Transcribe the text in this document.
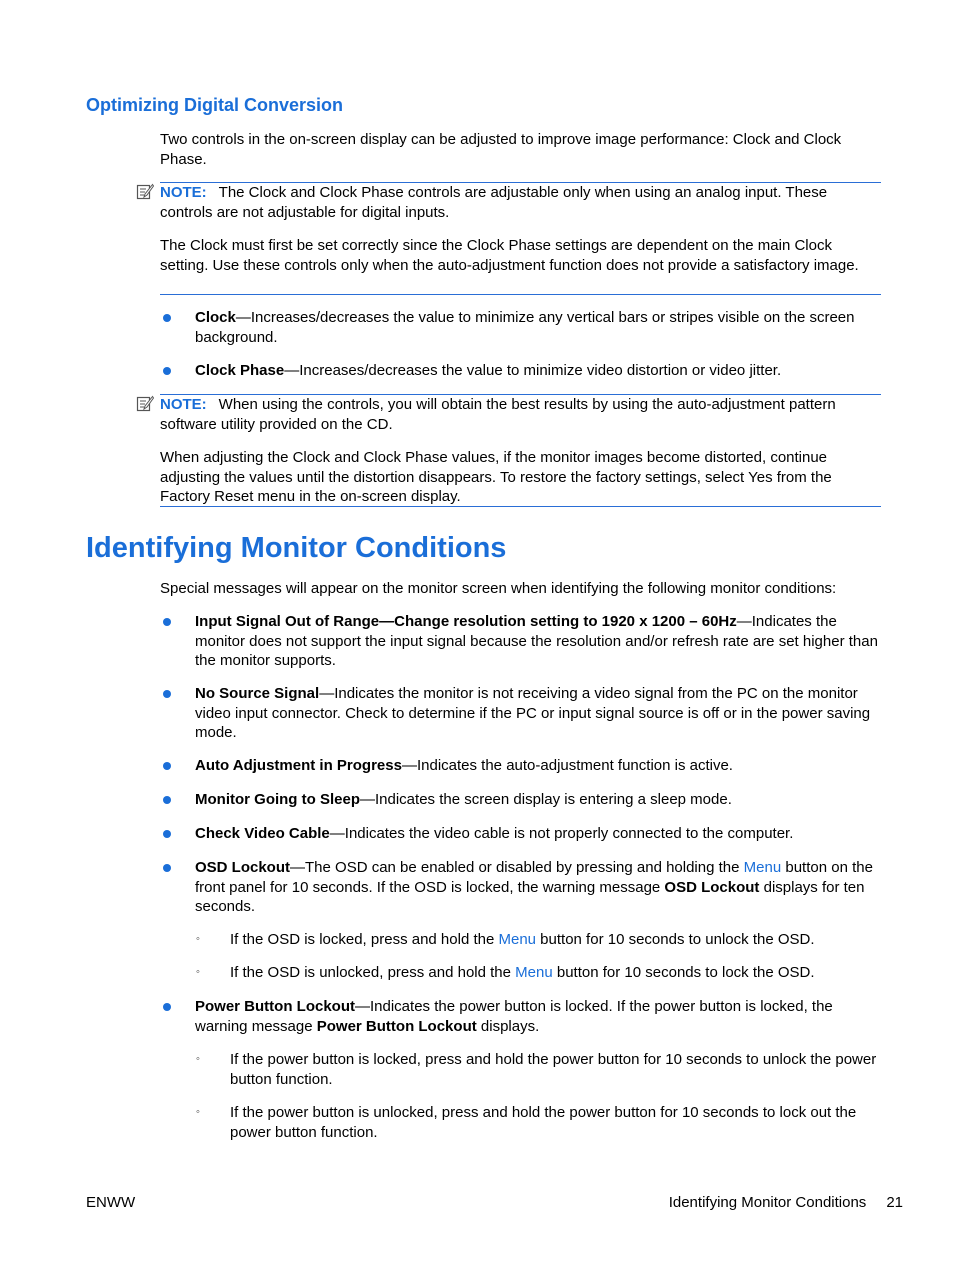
Optimizing Digital Conversion
Two controls in the on-screen display can be adjusted to improve image performance: Clock and Clock Phase.
NOTE: The Clock and Clock Phase controls are adjustable only when using an analog input. These controls are not adjustable for digital inputs.
The Clock must first be set correctly since the Clock Phase settings are dependent on the main Clock setting. Use these controls only when the auto-adjustment function does not provide a satisfactory image.
Clock—Increases/decreases the value to minimize any vertical bars or stripes visible on the screen background.
Clock Phase—Increases/decreases the value to minimize video distortion or video jitter.
NOTE: When using the controls, you will obtain the best results by using the auto-adjustment pattern software utility provided on the CD.
When adjusting the Clock and Clock Phase values, if the monitor images become distorted, continue adjusting the values until the distortion disappears. To restore the factory settings, select Yes from the Factory Reset menu in the on-screen display.
Identifying Monitor Conditions
Special messages will appear on the monitor screen when identifying the following monitor conditions:
Input Signal Out of Range—Change resolution setting to 1920 x 1200 – 60Hz—Indicates the monitor does not support the input signal because the resolution and/or refresh rate are set higher than the monitor supports.
No Source Signal—Indicates the monitor is not receiving a video signal from the PC on the monitor video input connector. Check to determine if the PC or input signal source is off or in the power saving mode.
Auto Adjustment in Progress—Indicates the auto-adjustment function is active.
Monitor Going to Sleep—Indicates the screen display is entering a sleep mode.
Check Video Cable—Indicates the video cable is not properly connected to the computer.
OSD Lockout—The OSD can be enabled or disabled by pressing and holding the Menu button on the front panel for 10 seconds. If the OSD is locked, the warning message OSD Lockout displays for ten seconds.
◦ If the OSD is locked, press and hold the Menu button for 10 seconds to unlock the OSD.
◦ If the OSD is unlocked, press and hold the Menu button for 10 seconds to lock the OSD.
Power Button Lockout—Indicates the power button is locked. If the power button is locked, the warning message Power Button Lockout displays.
◦ If the power button is locked, press and hold the power button for 10 seconds to unlock the power button function.
◦ If the power button is unlocked, press and hold the power button for 10 seconds to lock out the power button function.
ENWW	Identifying Monitor Conditions 21
